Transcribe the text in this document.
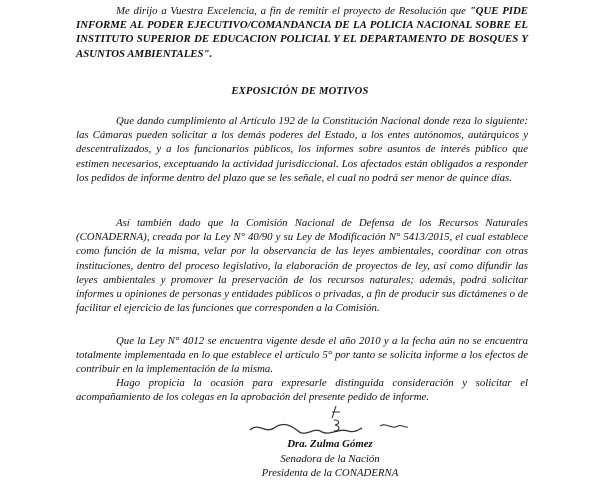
Me dirijo a Vuestra Excelencia, a fin de remitir el proyecto de Resolución que "QUE PIDE INFORME AL PODER EJECUTIVO/COMANDANCIA DE LA POLICIA NACIONAL SOBRE EL INSTITUTO SUPERIOR DE EDUCACION POLICIAL Y EL DEPARTAMENTO DE BOSQUES Y ASUNTOS AMBIENTALES".

EXPOSICIÓN DE MOTIVOS

Que dando cumplimiento al Artículo 192 de la Constitución Nacional donde reza lo siguiente: las Cámaras pueden solicitar a los demás poderes del Estado, a los entes autónomos, autárquicos y descentralizados, y a los funcionarios públicos, los informes sobre asuntos de interés público que estimen necesarios, exceptuando la actividad jurisdiccional. Los afectados están obligados a responder los pedidos de informe dentro del plazo que se les señale, el cual no podrá ser menor de quince días.

Así también dado que la Comisión Nacional de Defensa de los Recursos Naturales (CONADERNA), creada por la Ley N° 40/90 y su Ley de Modificación N° 5413/2015, el cual establece como función de la misma, velar por la observancia de las leyes ambientales, coordinar con otras instituciones, dentro del proceso legislativo, la elaboración de proyectos de ley, así como difundir las leyes ambientales y promover la preservación de los recursos naturales; además, podrá solicitar informes u opiniones de personas y entidades públicos o privadas, a fin de producir sus dictámenes o de facilitar el ejercicio de las funciones que corresponden a la Comisión.

Que la Ley N° 4012 se encuentra vigente desde el año 2010 y a la fecha aún no se encuentra totalmente implementada en lo que establece el artículo 5° por tanto se solicita informe a los efectos de contribuir en la implementación de la misma.

Hago propicia la ocasión para expresarle distinguida consideración y solicitar el acompañamiento de los colegas en la aprobación del presente pedido de informe.

Dra. Zulma Gómez
Senadora de la Nación
Presidenta de la CONADERNA
